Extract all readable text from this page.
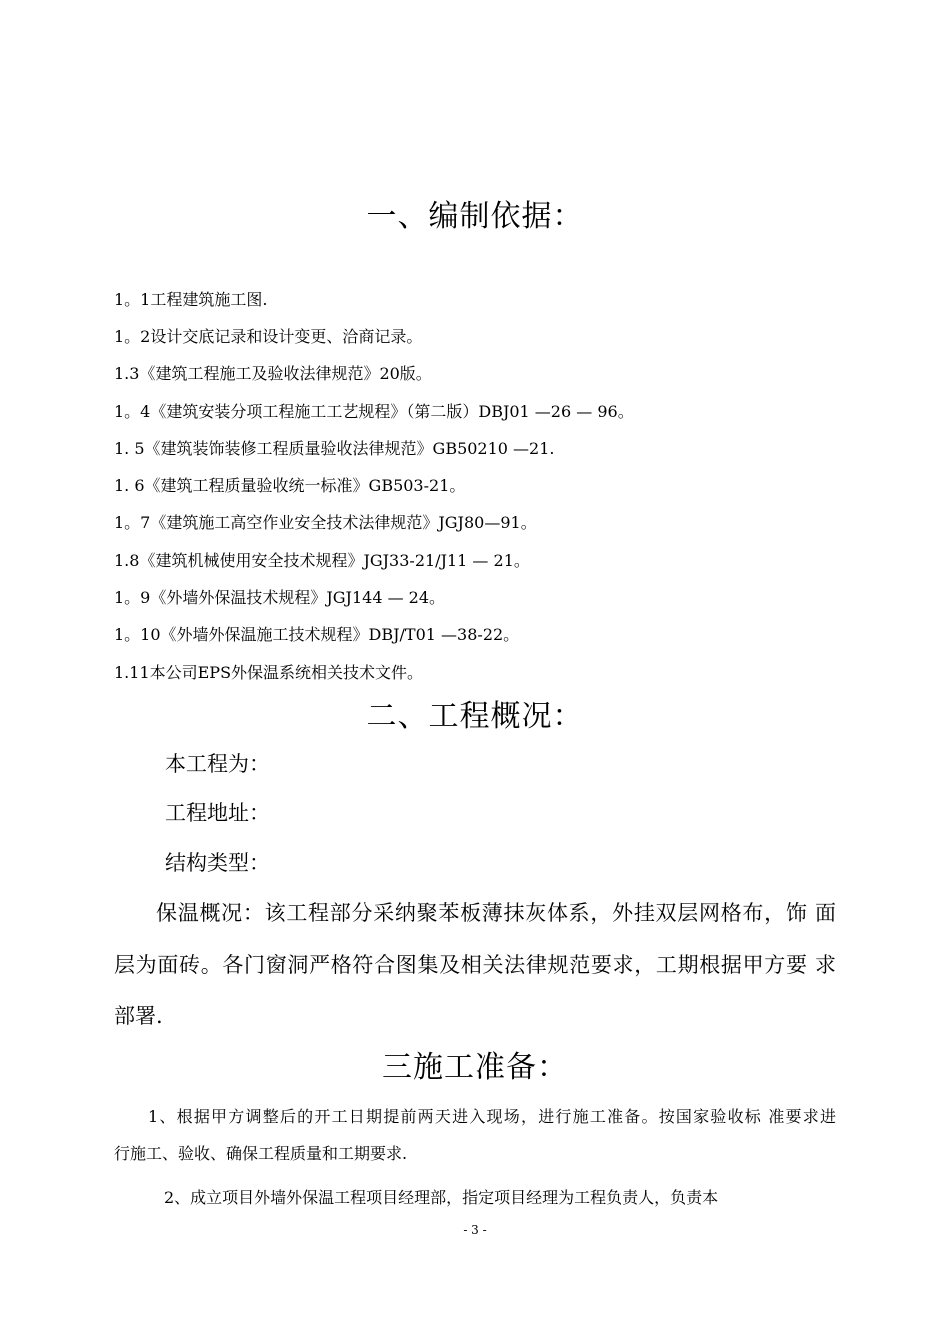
一、编制依据：
1。1工程建筑施工图.
1。2设计交底记录和设计变更、洽商记录。
1.3《建筑工程施工及验收法律规范》20版。
1。4《建筑安装分项工程施工工艺规程》（第二版）DBJ01 —26 — 96。
1. 5《建筑装饰装修工程质量验收法律规范》GB50210 —21.
1. 6《建筑工程质量验收统一标准》GB503-21。
1。7《建筑施工高空作业安全技术法律规范》JGJ80—91。
1.8《建筑机械使用安全技术规程》JGJ33-21/J11 — 21。
1。9《外墙外保温技术规程》JGJ144 — 24。
1。10《外墙外保温施工技术规程》DBJ/T01 —38-22。
1.11本公司EPS外保温系统相关技术文件。
二、工程概况：
本工程为：
工程地址：
结构类型：
保温概况：该工程部分采纳聚苯板薄抹灰体系，外挂双层网格布，饰 面
层为面砖。各门窗洞严格符合图集及相关法律规范要求，工期根据甲方要 求
部署.
三施工准备：
1、根据甲方调整后的开工日期提前两天进入现场，进行施工准备。按国家验收标 准要求进
行施工、验收、确保工程质量和工期要求.
2、成立项目外墙外保温工程项目经理部，指定项目经理为工程负责人，负责本
- 3 -
